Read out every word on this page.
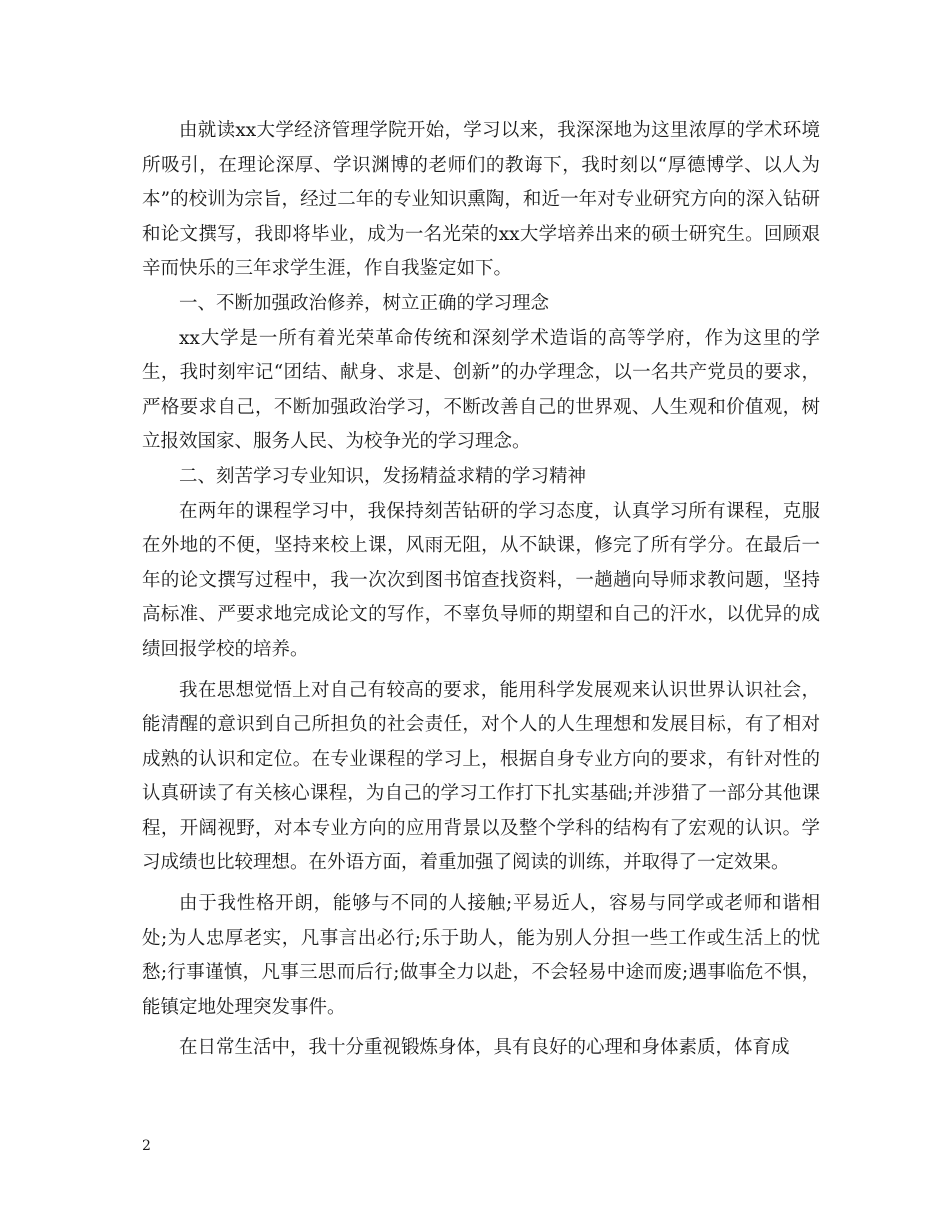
由就读xx大学经济管理学院开始，学习以来，我深深地为这里浓厚的学术环境所吸引，在理论深厚、学识渊博的老师们的教诲下，我时刻以“厚德博学、以人为本”的校训为宗旨，经过二年的专业知识熏陶，和近一年对专业研究方向的深入钻研和论文撰写，我即将毕业，成为一名光荣的xx大学培养出来的硕士研究生。回顾艰辛而快乐的三年求学生涯，作自我鉴定如下。

一、不断加强政治修养，树立正确的学习理念

xx大学是一所有着光荣革命传统和深刻学术造诣的高等学府，作为这里的学生，我时刻牢记“团结、献身、求是、创新”的办学理念，以一名共产党员的要求，严格要求自己，不断加强政治学习，不断改善自己的世界观、人生观和价值观，树立报效国家、服务人民、为校争光的学习理念。

二、刻苦学习专业知识，发扬精益求精的学习精神

在两年的课程学习中，我保持刻苦钻研的学习态度，认真学习所有课程，克服在外地的不便，坚持来校上课，风雨无阻，从不缺课，修完了所有学分。在最后一年的论文撰写过程中，我一次次到图书馆查找资料，一趟趟向导师求教问题，坚持高标准、严要求地完成论文的写作，不辜负导师的期望和自己的汗水，以优异的成绩回报学校的培养。

我在思想觉悟上对自己有较高的要求，能用科学发展观来认识世界认识社会，能清醒的意识到自己所担负的社会责任，对个人的人生理想和发展目标，有了相对成熟的认识和定位。在专业课程的学习上，根据自身专业方向的要求，有针对性的认真研读了有关核心课程，为自己的学习工作打下扎实基础;并涉猎了一部分其他课程，开阔视野，对本专业方向的应用背景以及整个学科的结构有了宏观的认识。学习成绩也比较理想。在外语方面，着重加强了阅读的训练，并取得了一定效果。

由于我性格开朗，能够与不同的人接触;平易近人，容易与同学或老师和谐相处;为人忠厚老实，凡事言出必行;乐于助人，能为别人分担一些工作或生活上的忧愁;行事谨慎，凡事三思而后行;做事全力以赴，不会轻易中途而废;遇事临危不惧，能镇定地处理突发事件。

在日常生活中，我十分重视锻炼身体，具有良好的心理和身体素质，体育成

2
